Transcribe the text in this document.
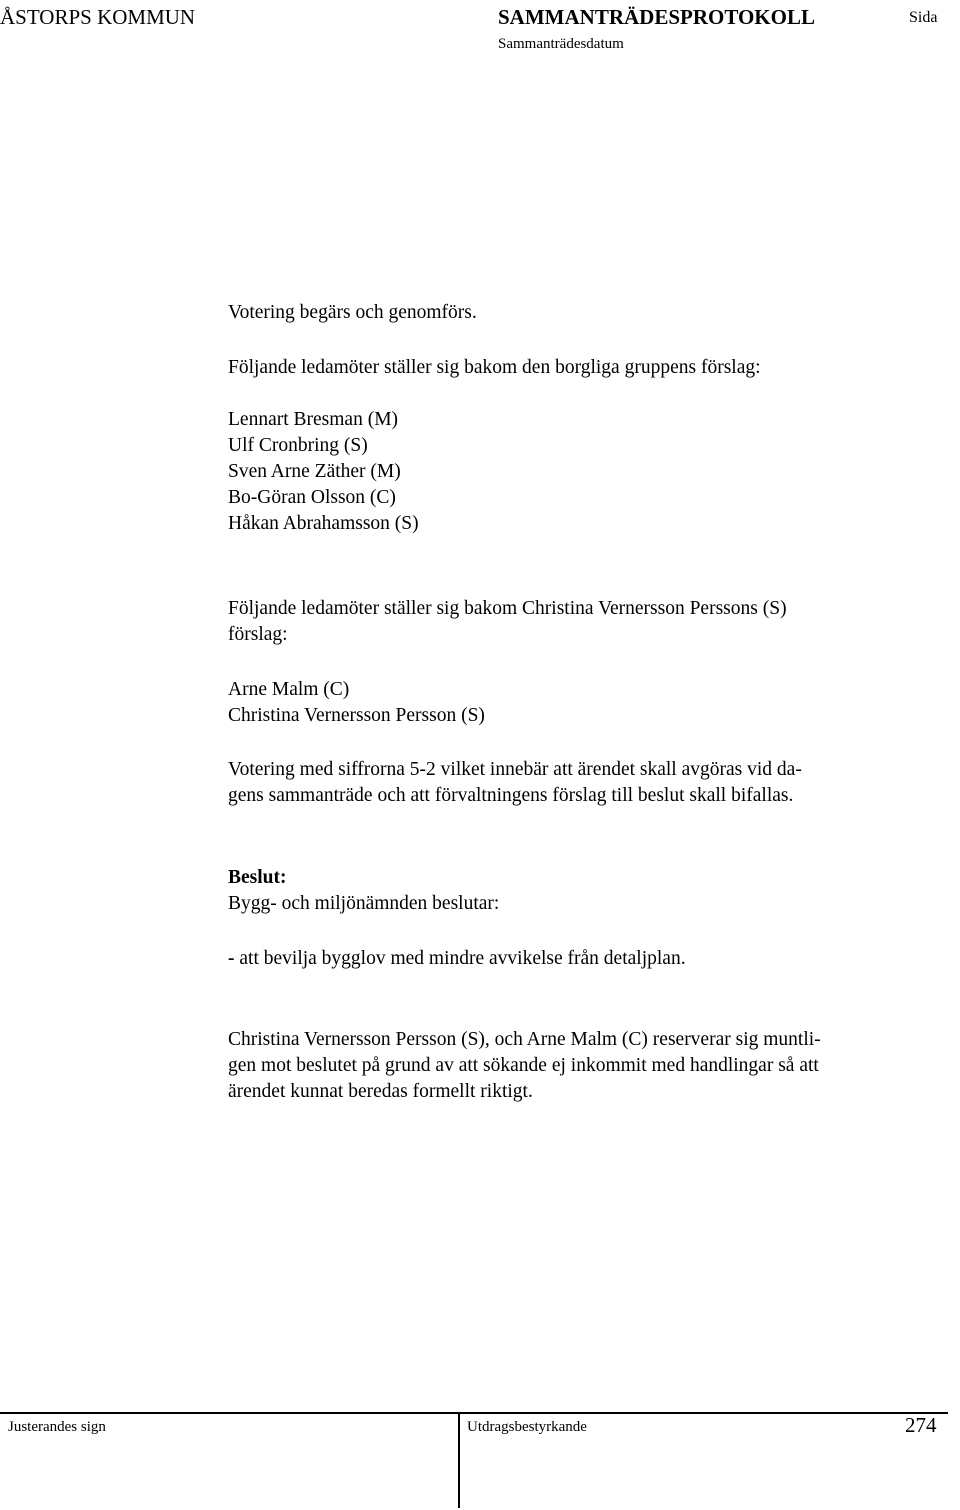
ÅSTORPS KOMMUN	SAMMANTRÄDESPROTOKOLL	Sida
Sammanträdesdatum
Votering begärs och genomförs.
Följande ledamöter ställer sig bakom den borgliga gruppens förslag:
Lennart Bresman (M)
Ulf Cronbring (S)
Sven Arne Zäther (M)
Bo-Göran Olsson (C)
Håkan Abrahamsson (S)
Följande ledamöter ställer sig bakom Christina Vernersson Perssons (S)
förslag:
Arne Malm (C)
Christina Vernersson Persson (S)
Votering med siffrorna 5-2 vilket innebär att ärendet skall avgöras vid da-
gens sammanträde och att förvaltningens förslag till beslut skall bifallas.
Beslut:
Bygg- och miljönämnden beslutar:
- att bevilja bygglov med mindre avvikelse från detaljplan.
Christina Vernersson Persson (S), och Arne Malm (C) reserverar sig muntli-
gen mot beslutet på grund av att sökande ej inkommit med handlingar så att
ärendet kunnat beredas formellt riktigt.
Justerandes sign	Utdragsbestyrkande	274
